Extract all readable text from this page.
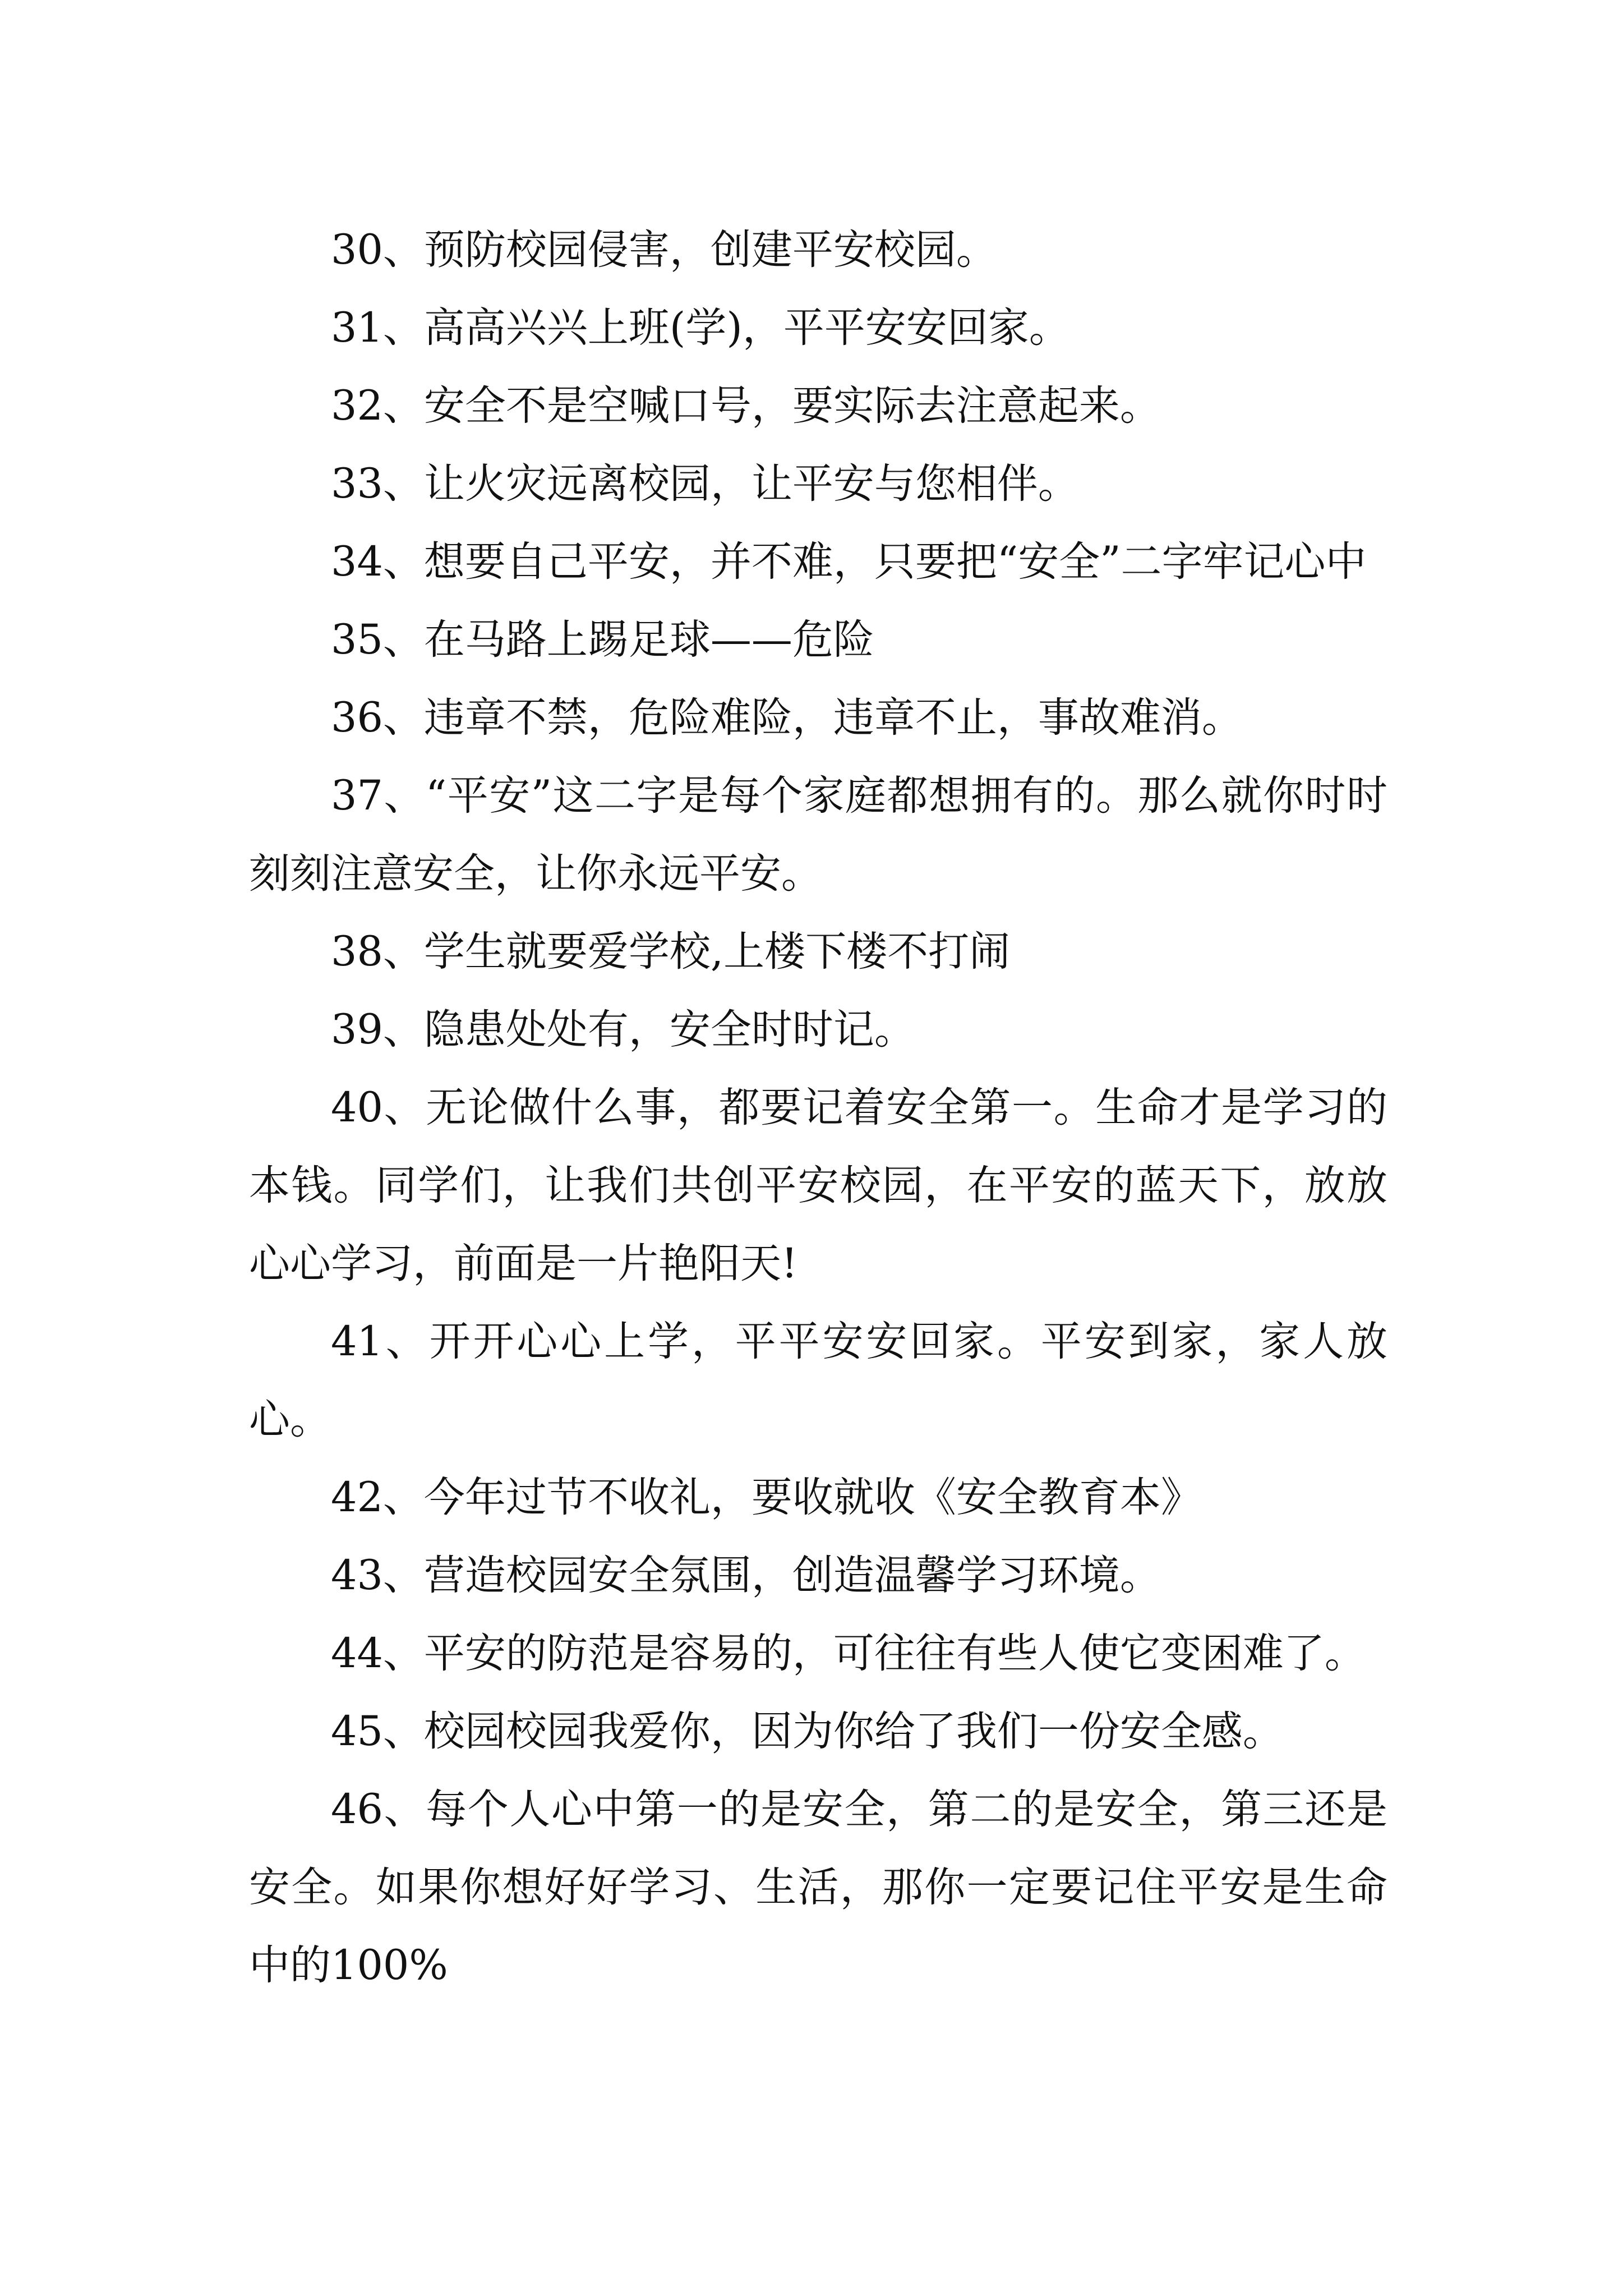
30、预防校园侵害，创建平安校园。

31、高高兴兴上班(学)，平平安安回家。

32、安全不是空喊口号，要实际去注意起来。

33、让火灾远离校园，让平安与您相伴。

34、想要自己平安，并不难，只要把“安全”二字牢记心中

35、在马路上踢足球——危险

36、违章不禁，危险难险，违章不止，事故难消。

37、“平安”这二字是每个家庭都想拥有的。那么就你时时刻刻注意安全，让你永远平安。

38、学生就要爱学校,上楼下楼不打闹

39、隐患处处有，安全时时记。

40、无论做什么事，都要记着安全第一。生命才是学习的本钱。同学们，让我们共创平安校园，在平安的蓝天下，放放心心学习，前面是一片艳阳天!

41、开开心心上学，平平安安回家。平安到家，家人放心。

42、今年过节不收礼，要收就收《安全教育本》

43、营造校园安全氛围，创造温馨学习环境。

44、平安的防范是容易的，可往往有些人使它变困难了。

45、校园校园我爱你，因为你给了我们一份安全感。

46、每个人心中第一的是安全，第二的是安全，第三还是安全。如果你想好好学习、生活，那你一定要记住平安是生命中的100%
